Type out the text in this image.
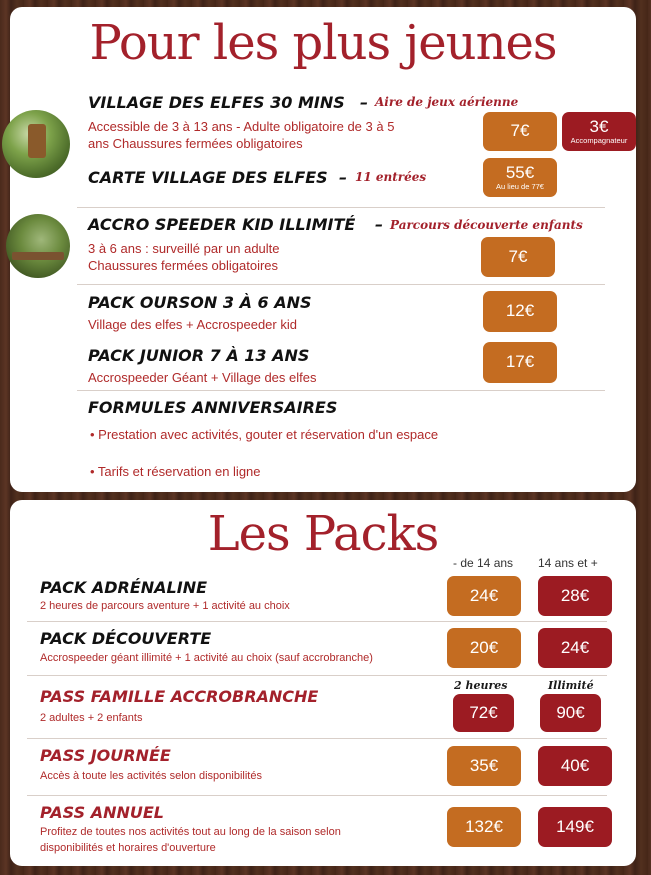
Pour les plus jeunes
VILLAGE DES ELFES 30 MINS – Aire de jeux aérienne
Accessible de 3 à 13 ans - Adulte obligatoire de 3 à 5
ans Chaussures fermées obligatoires
7€	3€
Accompagnateur
CARTE VILLAGE DES ELFES – 11 entrées	55€
Au lieu de 77€
ACCRO SPEEDER KID ILLIMITÉ – Parcours découverte enfants
3 à 6 ans : surveillé par un adulte
Chaussures fermées obligatoires	7€
PACK OURSON 3 À 6 ANS
Village des elfes + Accrospeeder kid
12€
PACK JUNIOR 7 À 13 ANS
Accrospeeder Géant + Village des elfes
17€
FORMULES ANNIVERSAIRES
• Prestation avec activités, gouter et réservation d'un espace
• Tarifs et réservation en ligne
Les Packs
- de 14 ans 14 ans et +
PACK ADRÉNALINE
2 heures de parcours aventure + 1 activité au choix
24€	28€
PACK DÉCOUVERTE
Accrospeeder géant illimité + 1 activité au choix (sauf accrobranche)
20€	24€
2 heures	Illimité
PASS FAMILLE ACCROBRANCHE
2 adultes + 2 enfants	72€	90€
PASS JOURNÉE
Accès à toute les activités selon disponibilités
35€	40€
PASS ANNUEL
Profitez de toutes nos activités tout au long de la saison selon
disponibilités et horaires d'ouverture
132€	149€
